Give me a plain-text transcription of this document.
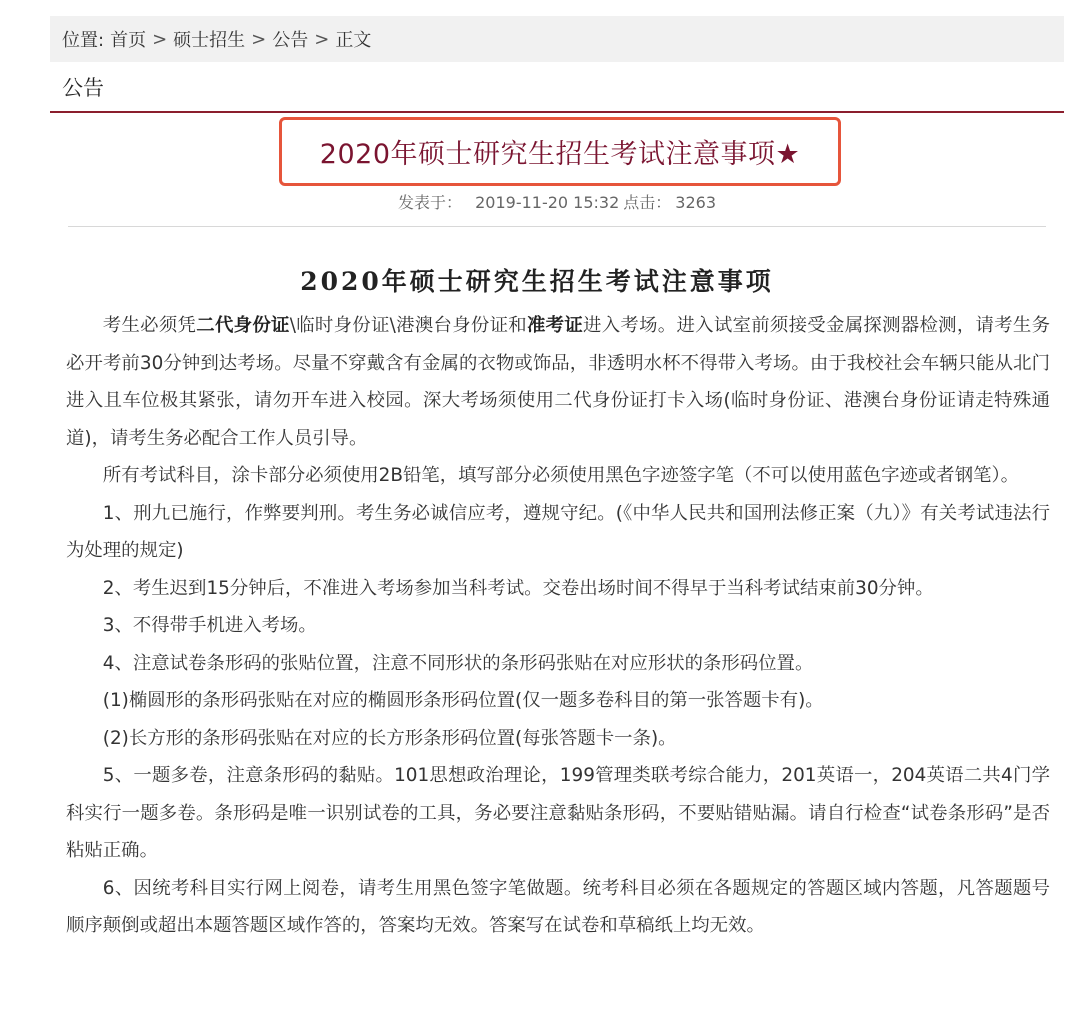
位置: 首页 > 硕士招生 > 公告 > 正文
公告
2020年硕士研究生招生考试注意事项★
发表于： 2019-11-20 15:32 点击： 3263
2020年硕士研究生招生考试注意事项

考生必须凭二代身份证\临时身份证\港澳台身份证和准考证进入考场。进入试室前须接受金属探测器检测，请考生务必开考前30分钟到达考场。尽量不穿戴含有金属的衣物或饰品，非透明水杯不得带入考场。由于我校社会车辆只能从北门进入且车位极其紧张，请勿开车进入校园。深大考场须使用二代身份证打卡入场(临时身份证、港澳台身份证请走特殊通道)，请考生务必配合工作人员引导。

所有考试科目，涂卡部分必须使用2B铅笔，填写部分必须使用黑色字迹签字笔（不可以使用蓝色字迹或者钢笔）。

1、刑九已施行，作弊要判刑。考生务必诚信应考，遵规守纪。(《中华人民共和国刑法修正案（九）》有关考试违法行为处理的规定)

2、考生迟到15分钟后，不准进入考场参加当科考试。交卷出场时间不得早于当科考试结束前30分钟。

3、不得带手机进入考场。

4、注意试卷条形码的张贴位置，注意不同形状的条形码张贴在对应形状的条形码位置。

(1)椭圆形的条形码张贴在对应的椭圆形条形码位置(仅一题多卷科目的第一张答题卡有)。

(2)长方形的条形码张贴在对应的长方形条形码位置(每张答题卡一条)。

5、一题多卷，注意条形码的黏贴。101思想政治理论，199管理类联考综合能力，201英语一，204英语二共4门学科实行一题多卷。条形码是唯一识别试卷的工具，务必要注意黏贴条形码，不要贴错贴漏。请自行检查“试卷条形码”是否粘贴正确。

6、因统考科目实行网上阅卷，请考生用黑色签字笔做题。统考科目必须在各题规定的答题区域内答题，凡答题题号顺序颠倒或超出本题答题区域作答的，答案均无效。答案写在试卷和草稿纸上均无效。
